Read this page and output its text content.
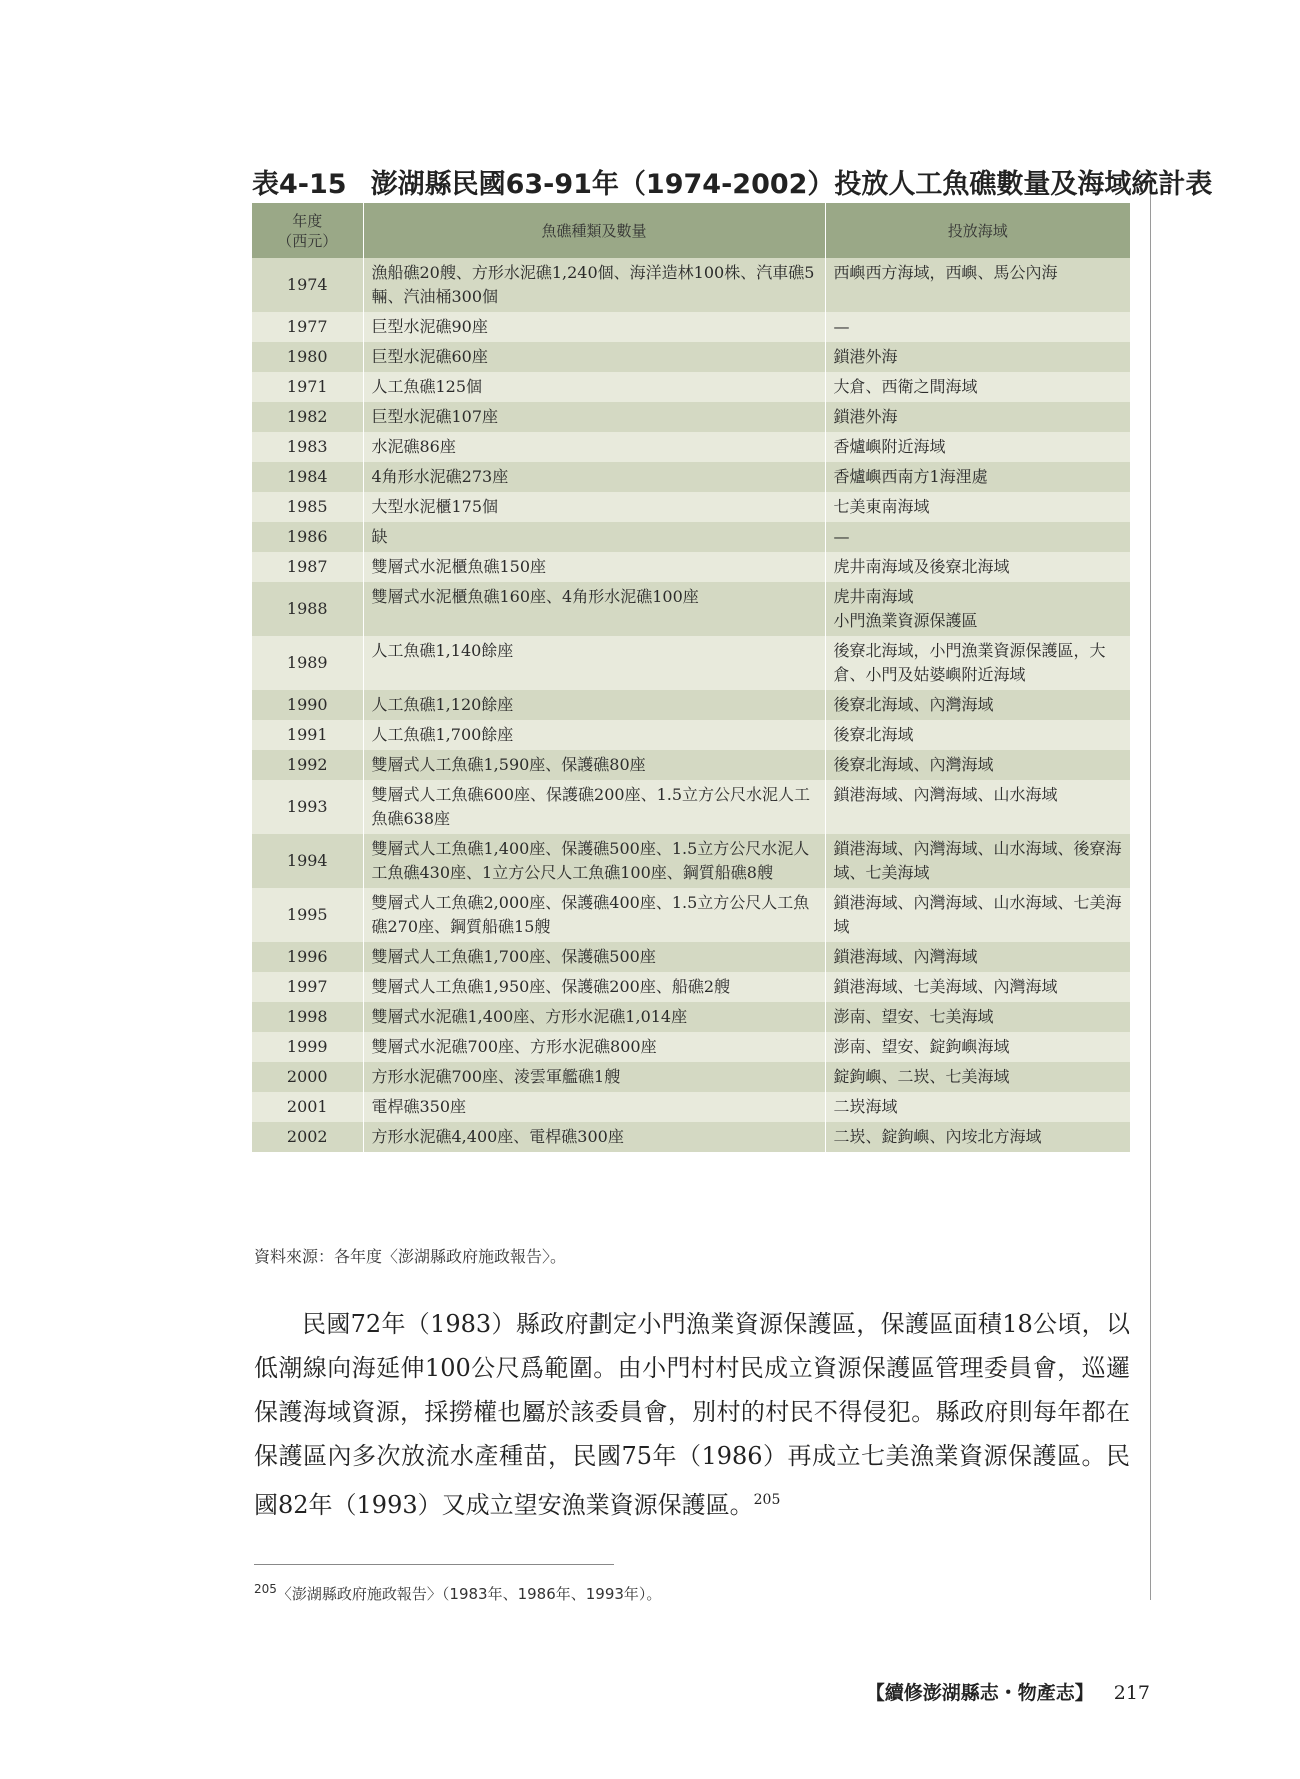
表4-15 澎湖縣民國63-91年（1974-2002）投放人工魚礁數量及海域統計表
年度
（西元）	魚礁種類及數量	投放海域
1974	漁船礁20艘、方形水泥礁1,240個、海洋造林100株、汽車礁5輛、汽油桶300個	西嶼西方海域，西嶼、馬公內海
1977	巨型水泥礁90座	—
1980	巨型水泥礁60座	鎖港外海
1971	人工魚礁125個	大倉、西衛之間海域
1982	巨型水泥礁107座	鎖港外海
1983	水泥礁86座	香爐嶼附近海域
1984	4角形水泥礁273座	香爐嶼西南方1海浬處
1985	大型水泥櫃175個	七美東南海域
1986	缺	—
1987	雙層式水泥櫃魚礁150座	虎井南海域及後寮北海域
1988	雙層式水泥櫃魚礁160座、4角形水泥礁100座	虎井南海域
小門漁業資源保護區
1989	人工魚礁1,140餘座	後寮北海域，小門漁業資源保護區，大倉、小門及姑婆嶼附近海域
1990	人工魚礁1,120餘座	後寮北海域、內灣海域
1991	人工魚礁1,700餘座	後寮北海域
1992	雙層式人工魚礁1,590座、保護礁80座	後寮北海域、內灣海域
1993	雙層式人工魚礁600座、保護礁200座、1.5立方公尺水泥人工魚礁638座	鎖港海域、內灣海域、山水海域
1994	雙層式人工魚礁1,400座、保護礁500座、1.5立方公尺水泥人工魚礁430座、1立方公尺人工魚礁100座、鋼質船礁8艘	鎖港海域、內灣海域、山水海域、後寮海域、七美海域
1995	雙層式人工魚礁2,000座、保護礁400座、1.5立方公尺人工魚礁270座、鋼質船礁15艘	鎖港海域、內灣海域、山水海域、七美海域
1996	雙層式人工魚礁1,700座、保護礁500座	鎖港海域、內灣海域
1997	雙層式人工魚礁1,950座、保護礁200座、船礁2艘	鎖港海域、七美海域、內灣海域
1998	雙層式水泥礁1,400座、方形水泥礁1,014座	澎南、望安、七美海域
1999	雙層式水泥礁700座、方形水泥礁800座	澎南、望安、錠鉤嶼海域
2000	方形水泥礁700座、淩雲軍艦礁1艘	錠鉤嶼、二崁、七美海域
2001	電桿礁350座	二崁海域
2002	方形水泥礁4,400座、電桿礁300座	二崁、錠鉤嶼、內垵北方海域
資料來源：各年度〈澎湖縣政府施政報告〉。

民國72年（1983）縣政府劃定小門漁業資源保護區，保護區面積18公頃，以低潮線向海延伸100公尺爲範圍。由小門村村民成立資源保護區管理委員會，巡邏保護海域資源，採撈權也屬於該委員會，別村的村民不得侵犯。縣政府則每年都在保護區內多次放流水產種苗，民國75年（1986）再成立七美漁業資源保護區。民國82年（1993）又成立望安漁業資源保護區。$^{205}$

$^{205}$〈澎湖縣政府施政報告〉（1983年、1986年、1993年）。
【續修澎湖縣志・物產志】 217
